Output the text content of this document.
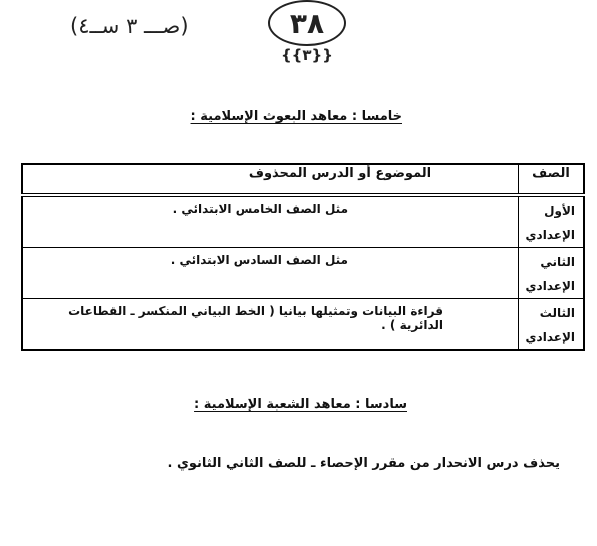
(صـــ ٣ ســ٤)	٣٨
{{٣}}
خامسا : معاهد البعوث الإسلامية :
الصف	الموضوع أو الدرس المحذوف
الأول
الإعدادي	مثل الصف الخامس الابتدائي .
الثاني
الإعدادي	مثل الصف السادس الابتدائي .
الثالث
الإعدادي	قراءة البيانات وتمثيلها بيانيا ( الخط البياني المنكسر ـ القطاعات الدائرية ) .
سادسا : معاهد الشعبة الإسلامية :
يحذف درس الانحدار من مقرر الإحصاء ـ للصف الثاني الثانوي .
